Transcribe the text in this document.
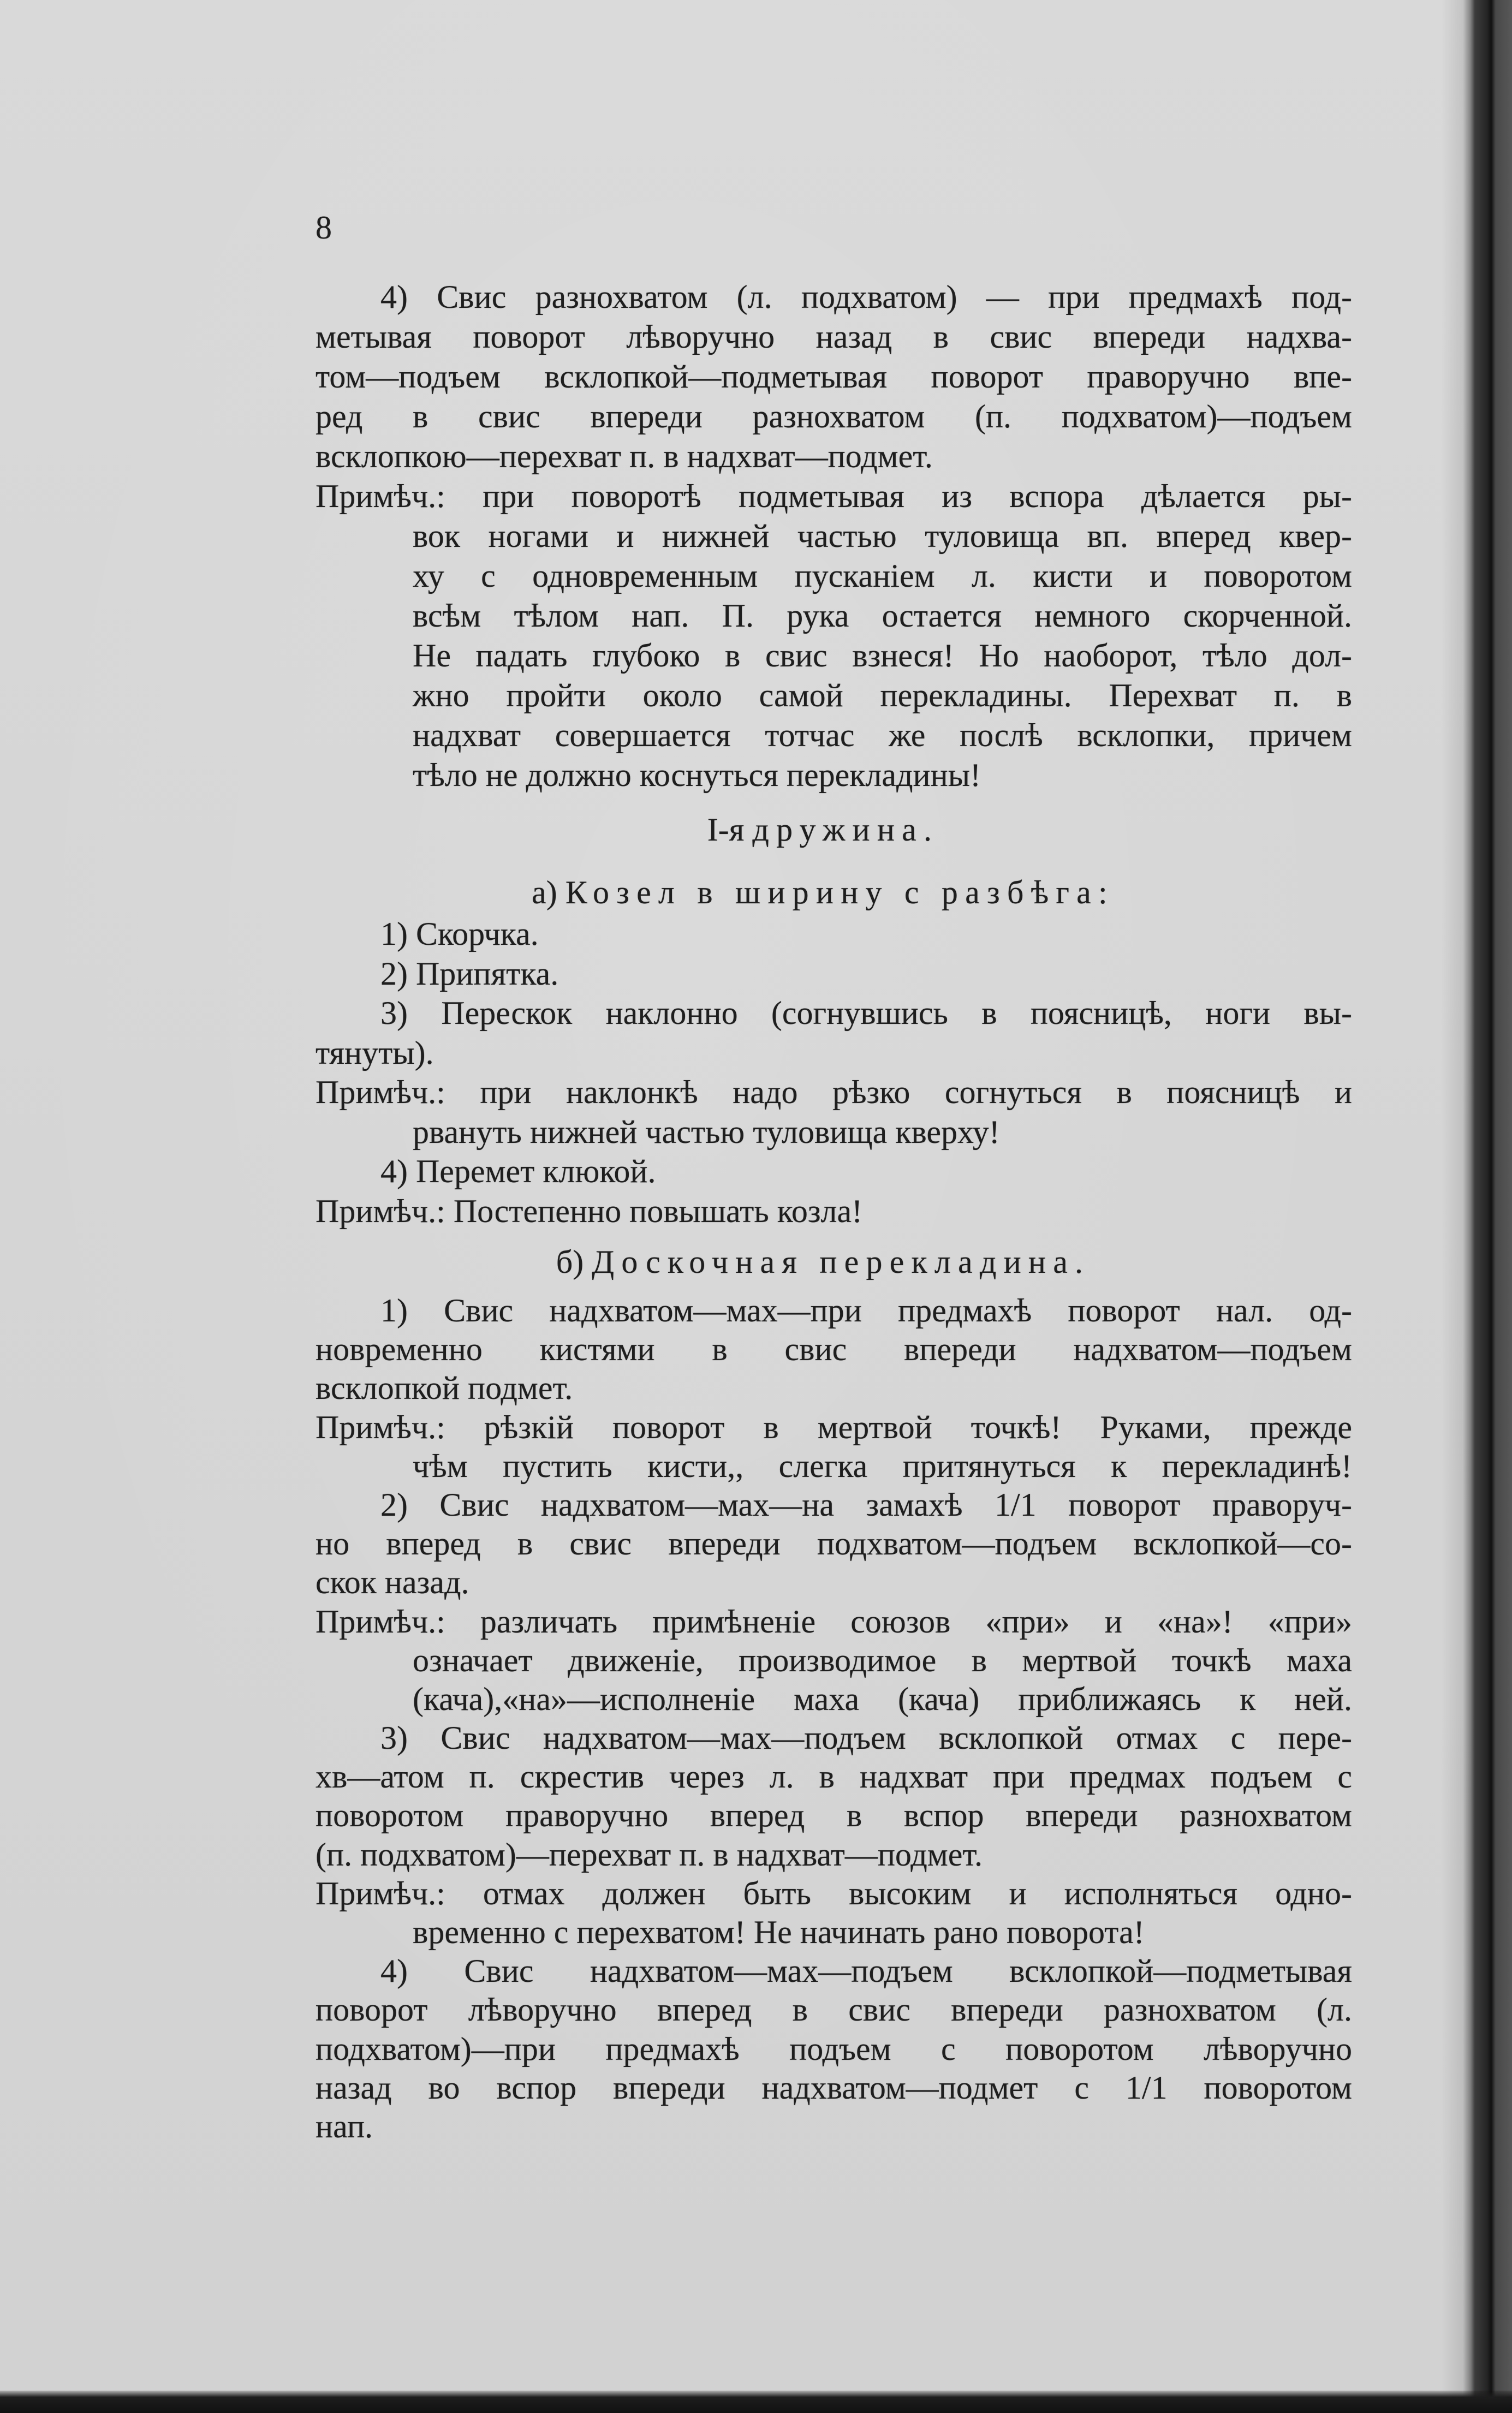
8
4) Свис разнохватом (л. подхватом) — при предмахѣ под-
метывая поворот лѣворучно назад в свис впереди надхва-
том—подъем всклопкой—подметывая поворот праворучно впе-
ред в свис впереди разнохватом (п. подхватом)—подъем
всклопкою—перехват п. в надхват—подмет.
Примѣч.: при поворотѣ подметывая из вспора дѣлается ры-
вок ногами и нижней частью туловища вп. вперед квер-
ху с одновременным пусканіем л. кисти и поворотом
всѣм тѣлом нап. П. рука остается немного скорченной.
Не падать глубоко в свис взнеся! Но наоборот, тѣло дол-
жно пройти около самой перекладины. Перехват п. в
надхват совершается тотчас же послѣ всклопки, причем
тѣло не должно коснуться перекладины!
I-я дружина.
а) Козел в ширину с разбѣга:
1) Скорчка.
2) Припятка.
3) Перескок наклонно (согнувшись в поясницѣ, ноги вы-
тянуты).
Примѣч.: при наклонкѣ надо рѣзко согнуться в поясницѣ и
рвануть нижней частью туловища кверху!
4) Перемет клюкой.
Примѣч.: Постепенно повышать козла!
б) Доскочная перекладина.
1) Свис надхватом—мах—при предмахѣ поворот нал. од-
новременно кистями в свис впереди надхватом—подъем
всклопкой подмет.
Примѣч.: рѣзкій поворот в мертвой точкѣ! Руками, прежде
чѣм пустить кисти,, слегка притянуться к перекладинѣ!
2) Свис надхватом—мах—на замахѣ 1/1 поворот праворуч-
но вперед в свис впереди подхватом—подъем всклопкой—со-
скок назад.
Примѣч.: различать примѣненіе союзов «при» и «на»! «при»
означает движеніе, производимое в мертвой точкѣ маха
(кача),«на»—исполненіе маха (кача) приближаясь к ней.
3) Свис надхватом—мах—подъем всклопкой отмах с пере-
хв—атом п. скрестив через л. в надхват при предмах подъем с
поворотом праворучно вперед в вспор впереди разнохватом
(п. подхватом)—перехват п. в надхват—подмет.
Примѣч.: отмах должен быть высоким и исполняться одно-
временно с перехватом! Не начинать рано поворота!
4) Свис надхватом—мах—подъем всклопкой—подметывая
поворот лѣворучно вперед в свис впереди разнохватом (л.
подхватом)—при предмахѣ подъем с поворотом лѣворучно
назад во вспор впереди надхватом—подмет с 1/1 поворотом
нап.
